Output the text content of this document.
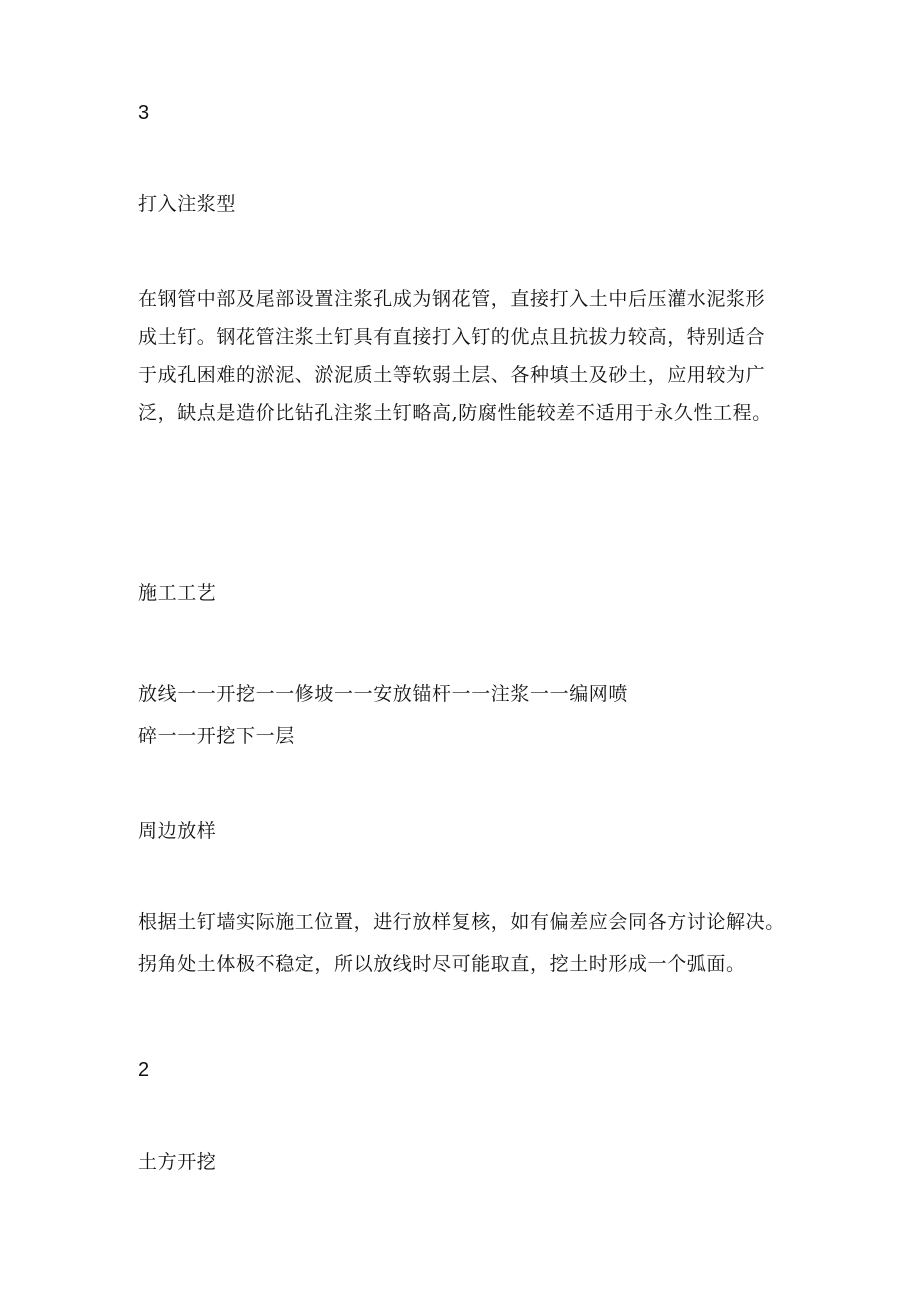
3
打入注浆型
在钢管中部及尾部设置注浆孔成为钢花管，直接打入土中后压灌水泥浆形
成土钉。钢花管注浆土钉具有直接打入钉的优点且抗拔力较高，特别适合
于成孔困难的淤泥、淤泥质土等软弱土层、各种填土及砂土，应用较为广
泛，缺点是造价比钻孔注浆土钉略高,防腐性能较差不适用于永久性工程。
施工工艺
放线一一开挖一一修坡一一安放锚杆一一注浆一一编网喷
碎一一开挖下一层
周边放样
根据土钉墙实际施工位置，进行放样复核，如有偏差应会同各方讨论解决。
拐角处土体极不稳定，所以放线时尽可能取直，挖土时形成一个弧面。
2
土方开挖
